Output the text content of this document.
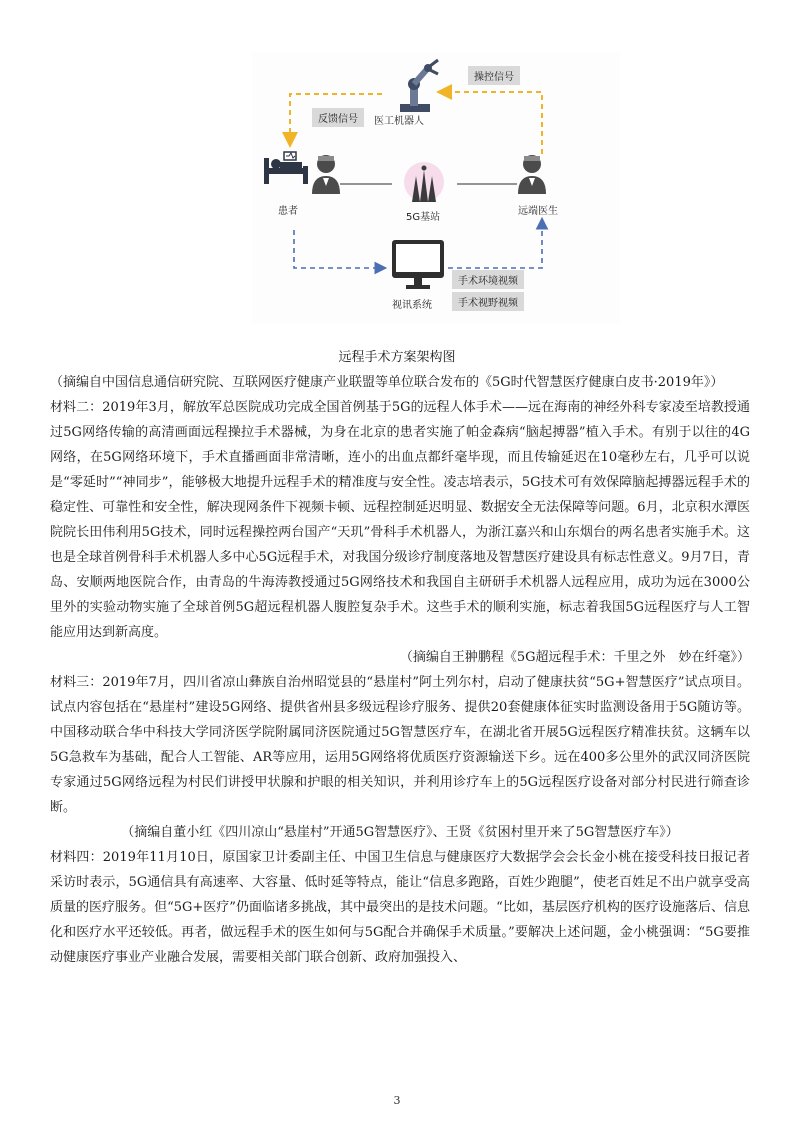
医工机器人
操控信号
反馈信号
患者
5G基站
远端医生
视讯系统
手术环境视频
手术视野视频
远程手术方案架构图

（摘编自中国信息通信研究院、互联网医疗健康产业联盟等单位联合发布的《5G时代智慧医疗健康白皮书·2019年》）

材料二：2019年3月，解放军总医院成功完成全国首例基于5G的远程人体手术——远在海南的神经外科专家凌至培教授通过5G网络传输的高清画面远程操拉手术器械，为身在北京的患者实施了帕金森病“脑起搏器”植入手术。有别于以往的4G网络，在5G网络环境下，手术直播画面非常清晰，连小的出血点都纤毫毕现，而且传输延迟在10毫秒左右，几乎可以说是“零延时”“神同步”，能够极大地提升远程手术的精准度与安全性。凌志培表示，5G技术可有效保障脑起搏器远程手术的稳定性、可靠性和安全性，解决现网条件下视频卡顿、远程控制延迟明显、数据安全无法保障等问题。6月，北京积水潭医院院长田伟利用5G技术，同时远程操控两台国产“天玑”骨科手术机器人，为浙江嘉兴和山东烟台的两名患者实施手术。这也是全球首例骨科手术机器人多中心5G远程手术，对我国分级诊疗制度落地及智慧医疗建设具有标志性意义。9月7日，青岛、安顺两地医院合作，由青岛的牛海涛教授通过5G网络技术和我国自主研研手术机器人远程应用，成功为远在3000公里外的实验动物实施了全球首例5G超远程机器人腹腔复杂手术。这些手术的顺利实施，标志着我国5G远程医疗与人工智能应用达到新高度。

（摘编自王翀鹏程《5G超远程手术：千里之外　妙在纤毫》）

材料三：2019年7月，四川省凉山彝族自治州昭觉县的“悬崖村”阿土列尔村，启动了健康扶贫“5G+智慧医疗”试点项目。试点内容包括在“悬崖村”建设5G网络、提供省州县多级远程诊疗服务、提供20套健康体征实时监测设备用于5G随访等。中国移动联合华中科技大学同济医学院附属同济医院通过5G智慧医疗车，在湖北省开展5G远程医疗精准扶贫。这辆车以5G急救车为基础，配合人工智能、AR等应用，运用5G网络将优质医疗资源输送下乡。远在400多公里外的武汉同济医院专家通过5G网络远程为村民们讲授甲状腺和护眼的相关知识，并利用诊疗车上的5G远程医疗设备对部分村民进行筛查诊断。

（摘编自董小红《四川凉山“悬崖村”开通5G智慧医疗》、王贤《贫困村里开来了5G智慧医疗车》）

材料四：2019年11月10日，原国家卫计委副主任、中国卫生信息与健康医疗大数据学会会长金小桃在接受科技日报记者采访时表示，5G通信具有高速率、大容量、低时延等特点，能让“信息多跑路，百姓少跑腿”，使老百姓足不出户就享受高质量的医疗服务。但“5G+医疗”仍面临诸多挑战，其中最突出的是技术问题。“比如，基层医疗机构的医疗设施落后、信息化和医疗水平还较低。再者，做远程手术的医生如何与5G配合并确保手术质量。”要解决上述问题，金小桃强调：“5G要推动健康医疗事业产业融合发展，需要相关部门联合创新、政府加强投入、

3
